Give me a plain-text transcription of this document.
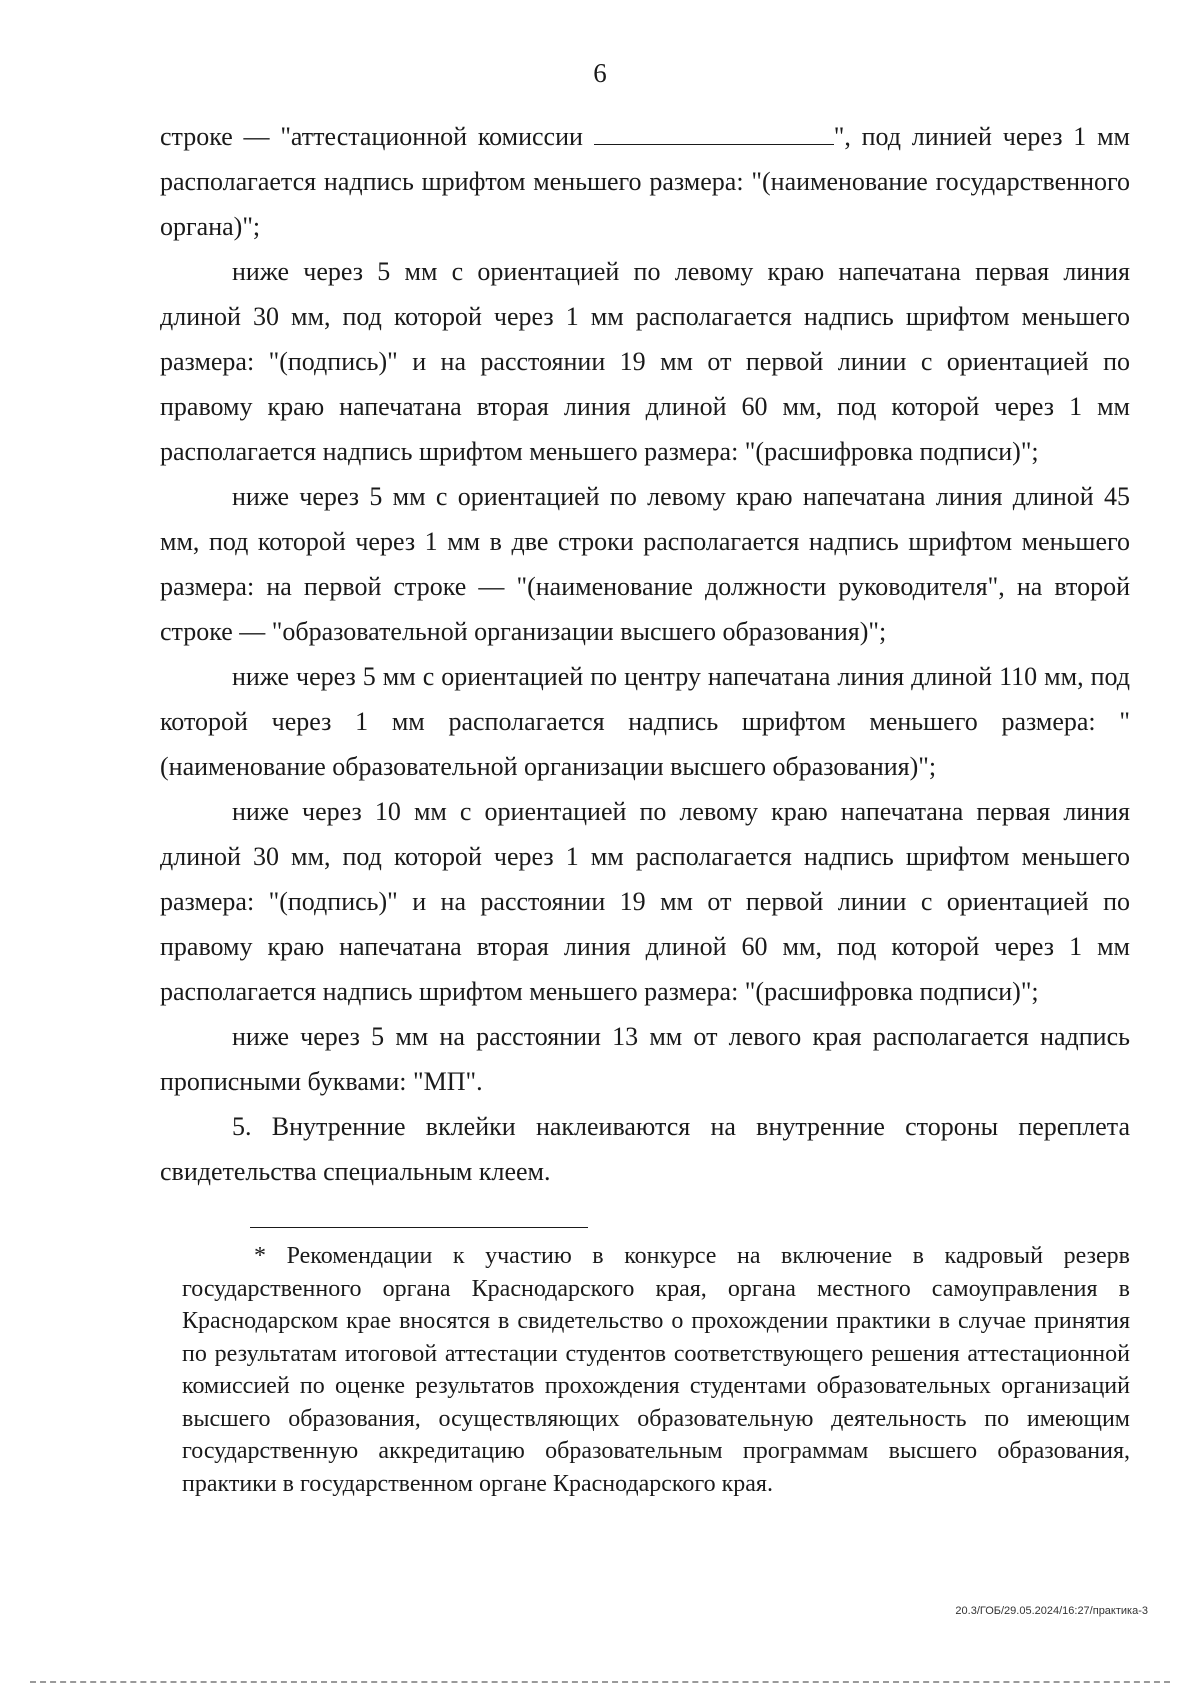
6

строке — "аттестационной комиссии	", под линией через 1 мм располагается надпись шрифтом меньшего размера: "(наименование государственного органа)";

ниже через 5 мм с ориентацией по левому краю напечатана первая линия длиной 30 мм, под которой через 1 мм располагается надпись шрифтом меньшего размера: "(подпись)" и на расстоянии 19 мм от первой линии с ориентацией по правому краю напечатана вторая линия длиной 60 мм, под которой через 1 мм располагается надпись шрифтом меньшего размера: "(расшифровка подписи)";

ниже через 5 мм с ориентацией по левому краю напечатана линия длиной 45 мм, под которой через 1 мм в две строки располагается надпись шрифтом меньшего размера: на первой строке — "(наименование должности руководителя", на второй строке — "образовательной организации высшего образования)";

ниже через 5 мм с ориентацией по центру напечатана линия длиной 110 мм, под которой через 1 мм располагается надпись шрифтом меньшего размера: "(наименование образовательной организации высшего образования)";

ниже через 10 мм с ориентацией по левому краю напечатана первая линия длиной 30 мм, под которой через 1 мм располагается надпись шрифтом меньшего размера: "(подпись)" и на расстоянии 19 мм от первой линии с ориентацией по правому краю напечатана вторая линия длиной 60 мм, под которой через 1 мм располагается надпись шрифтом меньшего размера: "(расшифровка подписи)";

ниже через 5 мм на расстоянии 13 мм от левого края располагается надпись прописными буквами: "МП".

5. Внутренние вклейки наклеиваются на внутренние стороны переплета свидетельства специальным клеем.

* Рекомендации к участию в конкурсе на включение в кадровый резерв государственного органа Краснодарского края, органа местного самоуправления в Краснодарском крае вносятся в свидетельство о прохождении практики в случае принятия по результатам итоговой аттестации студентов соответствующего решения аттестационной комиссией по оценке результатов прохождения студентами образовательных организаций высшего образования, осуществляющих образовательную деятельность по имеющим государственную аккредитацию образовательным программам высшего образования, практики в государственном органе Краснодарского края.

20.3/ГОБ/29.05.2024/16:27/практика-3
